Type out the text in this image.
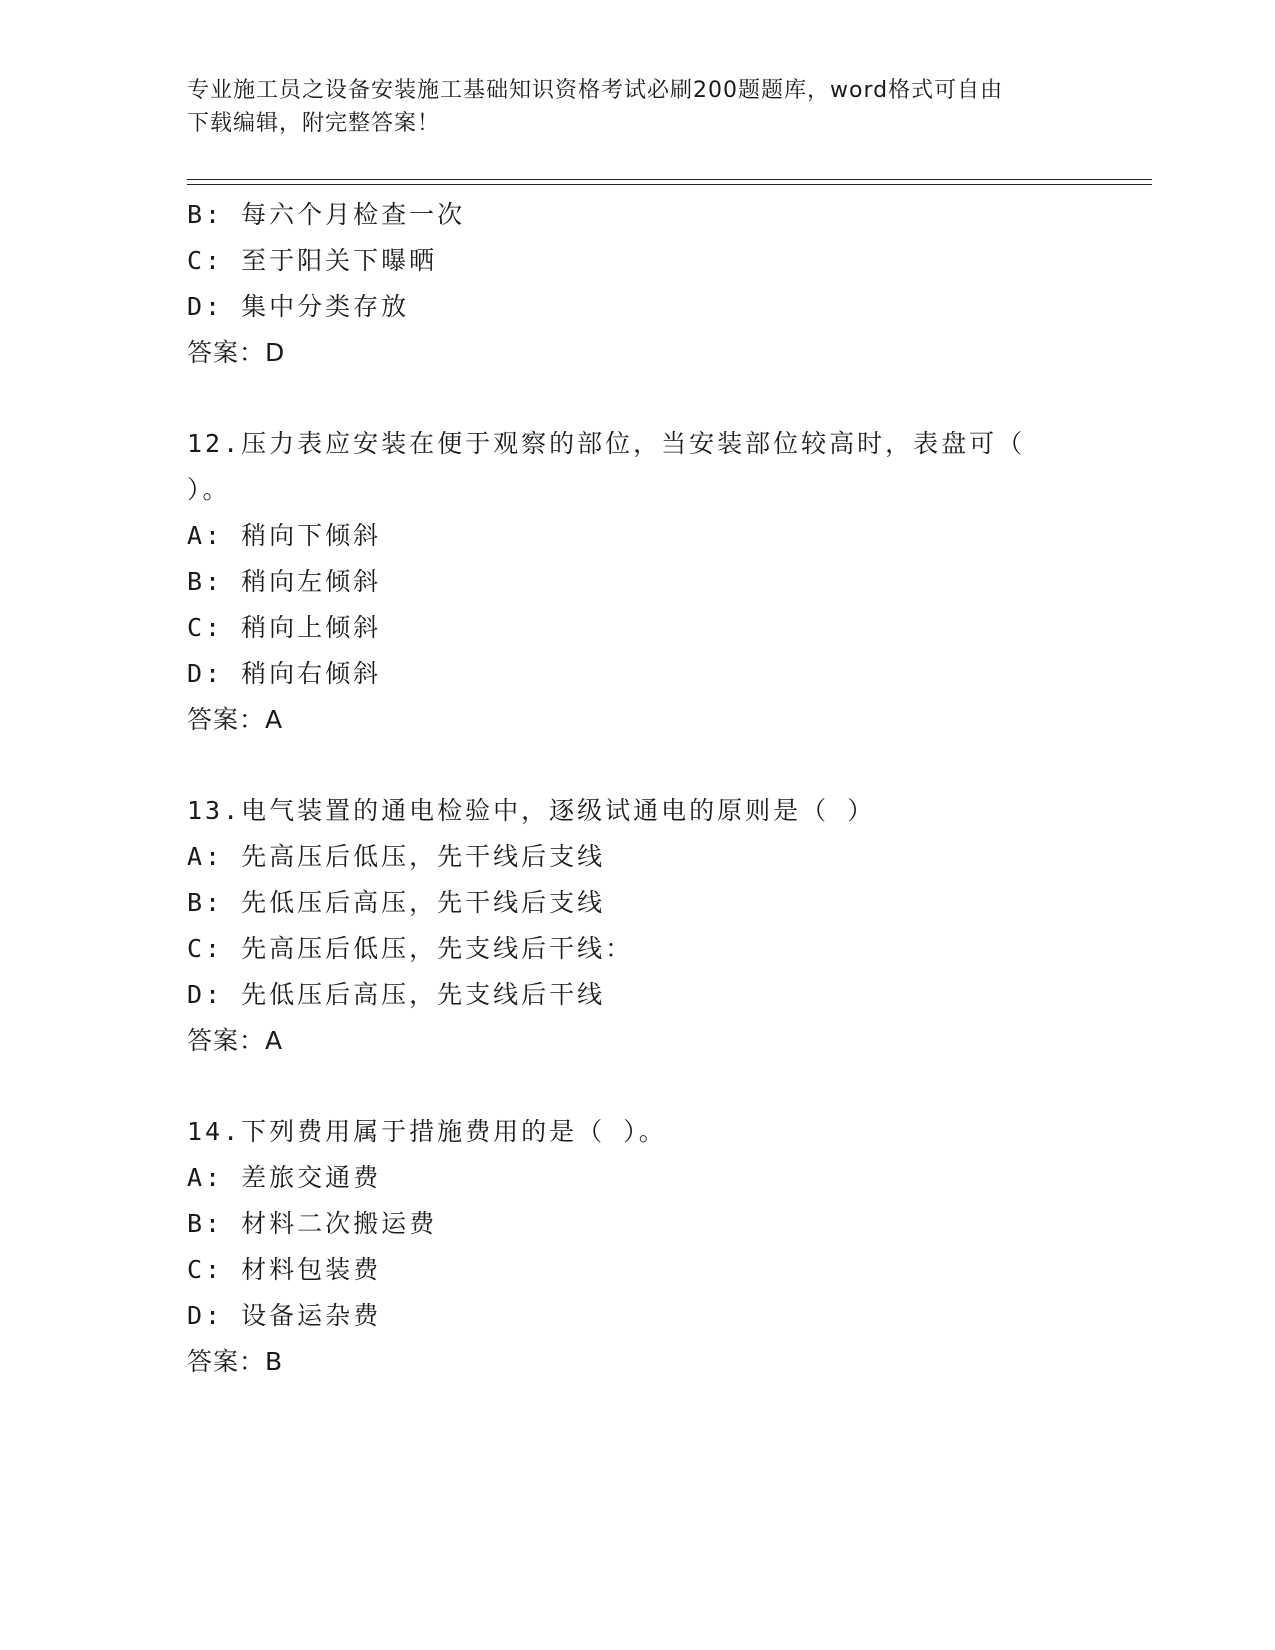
专业施工员之设备安装施工基础知识资格考试必刷200题题库，word格式可自由
下载编辑，附完整答案！
B: 每六个月检查一次
C: 至于阳关下曝晒
D: 集中分类存放
答案：D
12.压力表应安装在便于观察的部位，当安装部位较高时，表盘可（
）。
A: 稍向下倾斜
B: 稍向左倾斜
C: 稍向上倾斜
D: 稍向右倾斜
答案：A
13.电气装置的通电检验中，逐级试通电的原则是（ ）
A: 先高压后低压，先干线后支线
B: 先低压后高压，先干线后支线
C: 先高压后低压，先支线后干线：
D: 先低压后高压，先支线后干线
答案：A
14.下列费用属于措施费用的是（ ）。
A: 差旅交通费
B: 材料二次搬运费
C: 材料包装费
D: 设备运杂费
答案：B
